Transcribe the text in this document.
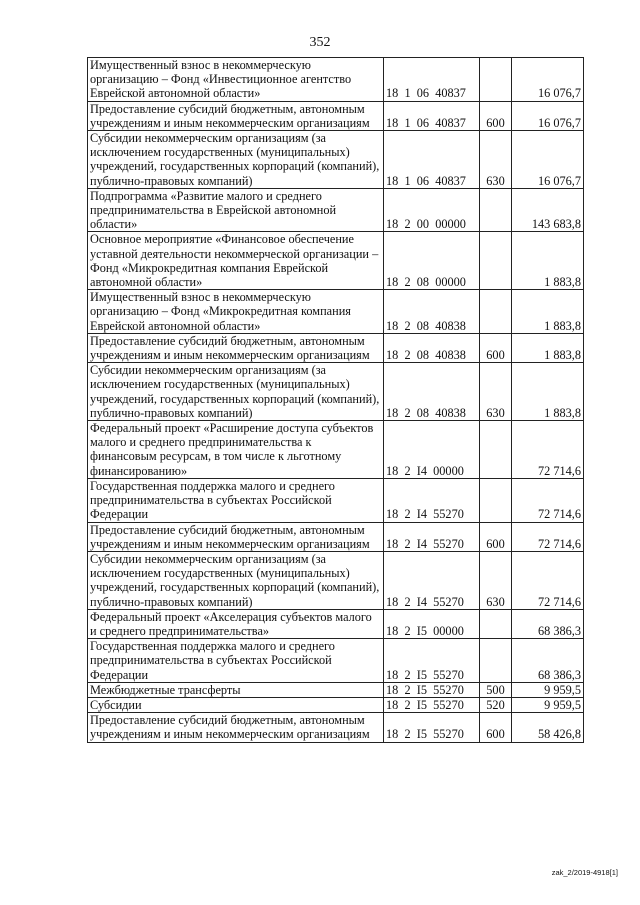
352
Имущественный взнос в некоммерческую организацию – Фонд «Инвестиционное агентство Еврейской автономной области»	18  1  06  40837		16 076,7
Предоставление субсидий бюджетным, автономным учреждениям и иным некоммерческим организациям	18  1  06  40837	600	16 076,7
Субсидии некоммерческим организациям (за исключением государственных (муниципальных) учреждений, государственных корпораций (компаний), публично-правовых компаний)	18  1  06  40837	630	16 076,7
Подпрограмма «Развитие малого и среднего предпринимательства в Еврейской автономной области»	18  2  00  00000		143 683,8
Основное мероприятие «Финансовое обеспечение уставной деятельности некоммерческой организации – Фонд «Микрокредитная компания Еврейской автономной области»	18  2  08  00000		1 883,8
Имущественный взнос в некоммерческую организацию – Фонд «Микрокредитная компания Еврейской автономной области»	18  2  08  40838		1 883,8
Предоставление субсидий бюджетным, автономным учреждениям и иным некоммерческим организациям	18  2  08  40838	600	1 883,8
Субсидии некоммерческим организациям (за исключением государственных (муниципальных) учреждений, государственных корпораций (компаний), публично-правовых компаний)	18  2  08  40838	630	1 883,8
Федеральный проект «Расширение доступа субъектов малого и среднего предпринимательства к финансовым ресурсам, в том числе к льготному финансированию»	18  2  I4  00000		72 714,6
Государственная поддержка малого и среднего предпринимательства в субъектах Российской Федерации	18  2  I4  55270		72 714,6
Предоставление субсидий бюджетным, автономным учреждениям и иным некоммерческим организациям	18  2  I4  55270	600	72 714,6
Субсидии некоммерческим организациям (за исключением государственных (муниципальных) учреждений, государственных корпораций (компаний), публично-правовых компаний)	18  2  I4  55270	630	72 714,6
Федеральный проект «Акселерация субъектов малого и среднего предпринимательства»	18  2  I5  00000		68 386,3
Государственная поддержка малого и среднего предпринимательства в субъектах Российской Федерации	18  2  I5  55270		68 386,3
Межбюджетные трансферты	18  2  I5  55270	500	9 959,5
Субсидии	18  2  I5  55270	520	9 959,5
Предоставление субсидий бюджетным, автономным учреждениям и иным некоммерческим организациям	18  2  I5  55270	600	58 426,8
zak_2/2019-4918[1]
